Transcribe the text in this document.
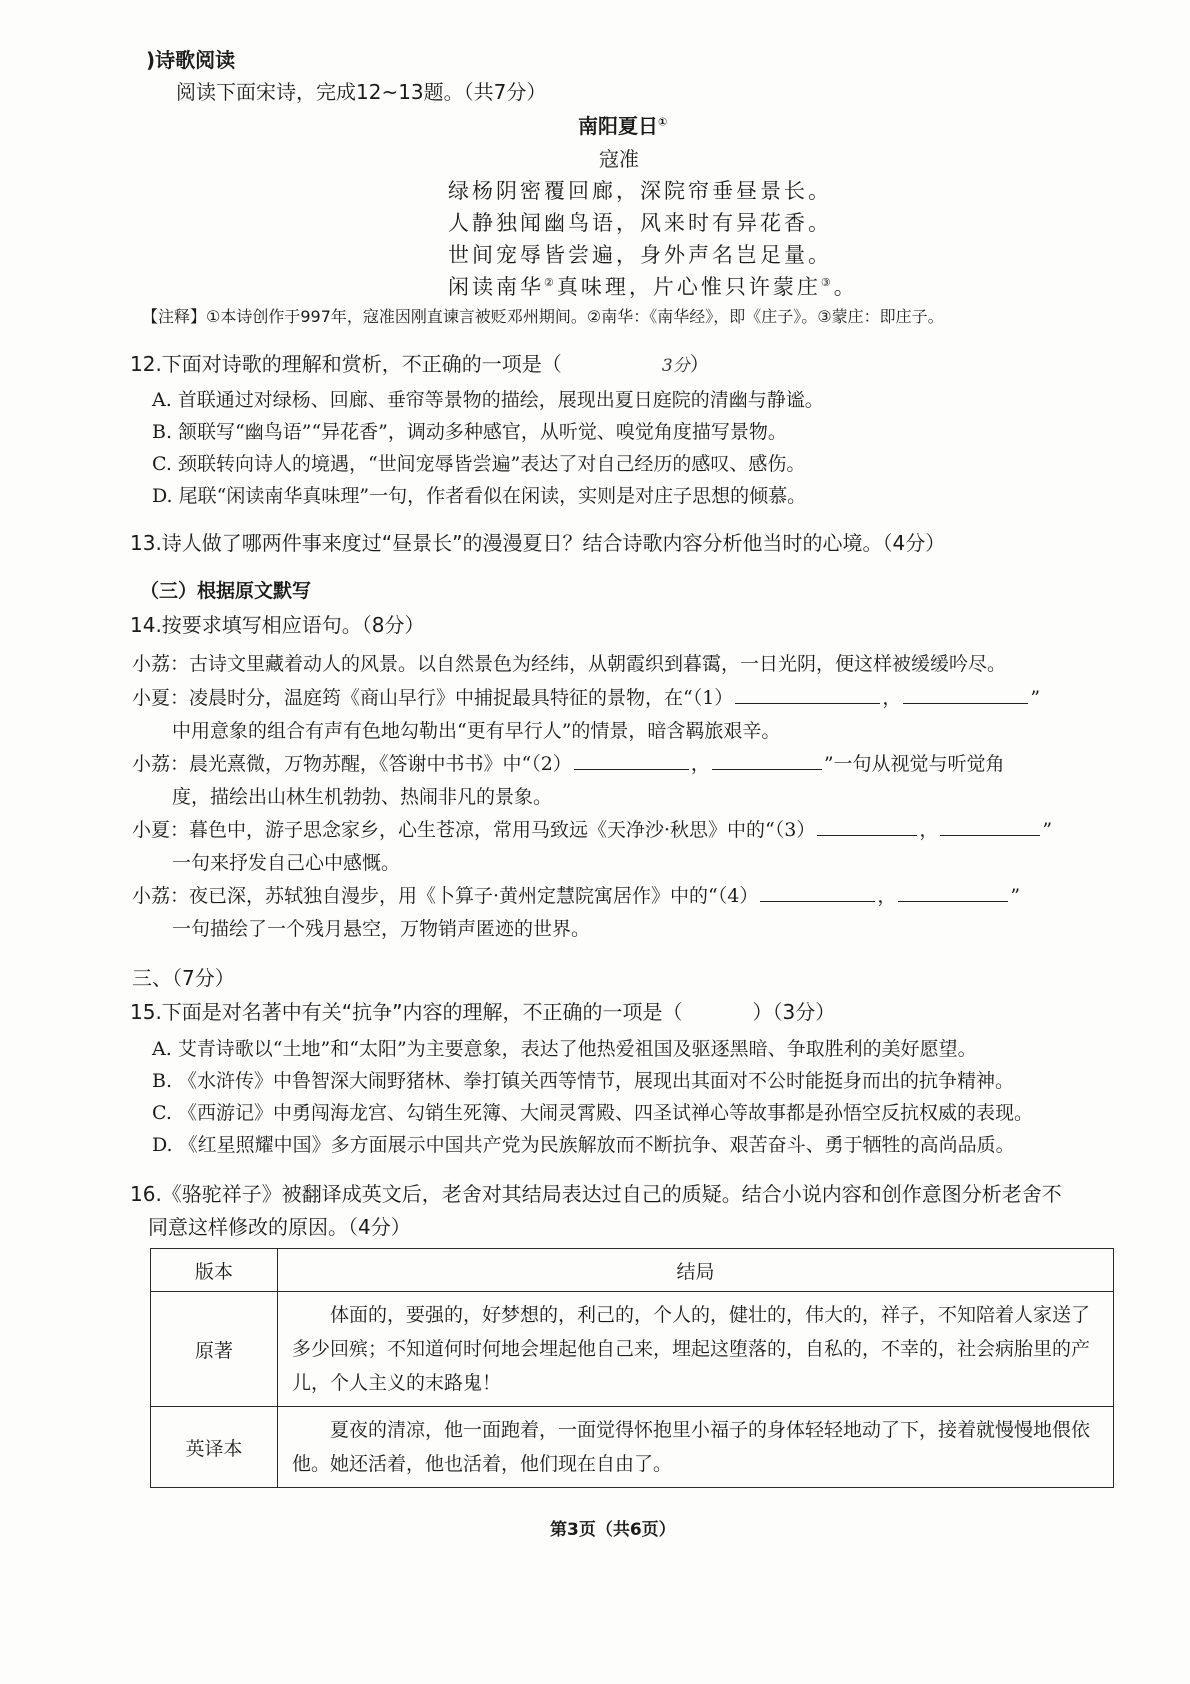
)诗歌阅读
阅读下面宋诗，完成12~13题。（共7分）
南阳夏日①
寇准
绿杨阴密覆回廊，深院帘垂昼景长。
人静独闻幽鸟语，风来时有异花香。
世间宠辱皆尝遍，身外声名岂足量。
闲读南华②真味理，片心惟只许蒙庄③。
【注释】①本诗创作于997年，寇准因刚直谏言被贬邓州期间。②南华：《南华经》，即《庄子》。③蒙庄：即庄子。
12.下面对诗歌的理解和赏析，不正确的一项是（	3分）
A. 首联通过对绿杨、回廊、垂帘等景物的描绘，展现出夏日庭院的清幽与静谧。
B. 颔联写“幽鸟语”“异花香”，调动多种感官，从听觉、嗅觉角度描写景物。
C. 颈联转向诗人的境遇，“世间宠辱皆尝遍”表达了对自己经历的感叹、感伤。
D. 尾联“闲读南华真味理”一句，作者看似在闲读，实则是对庄子思想的倾慕。
13.诗人做了哪两件事来度过“昼景长”的漫漫夏日？结合诗歌内容分析他当时的心境。（4分）
（三）根据原文默写
14.按要求填写相应语句。（8分）
小荔：古诗文里藏着动人的风景。以自然景色为经纬，从朝霞织到暮霭，一日光阴，便这样被缓缓吟尽。
小夏：凌晨时分，温庭筠《商山早行》中捕捉最具特征的景物，在“（1）	，	”
中用意象的组合有声有色地勾勒出“更有早行人”的情景，暗含羁旅艰辛。
小荔：晨光熹微，万物苏醒，《答谢中书书》中“（2）	，	”一句从视觉与听觉角
度，描绘出山林生机勃勃、热闹非凡的景象。
小夏：暮色中，游子思念家乡，心生苍凉，常用马致远《天净沙·秋思》中的“（3）	，	”
一句来抒发自己心中感慨。
小荔：夜已深，苏轼独自漫步，用《卜算子·黄州定慧院寓居作》中的“（4）	，	”
一句描绘了一个残月悬空，万物销声匿迹的世界。
三、（7分）
15.下面是对名著中有关“抗争”内容的理解，不正确的一项是（	）（3分）
A. 艾青诗歌以“土地”和“太阳”为主要意象，表达了他热爱祖国及驱逐黑暗、争取胜利的美好愿望。
B. 《水浒传》中鲁智深大闹野猪林、拳打镇关西等情节，展现出其面对不公时能挺身而出的抗争精神。
C. 《西游记》中勇闯海龙宫、勾销生死簿、大闹灵霄殿、四圣试禅心等故事都是孙悟空反抗权威的表现。
D. 《红星照耀中国》多方面展示中国共产党为民族解放而不断抗争、艰苦奋斗、勇于牺牲的高尚品质。
16.《骆驼祥子》被翻译成英文后，老舍对其结局表达过自己的质疑。结合小说内容和创作意图分析老舍不
同意这样修改的原因。（4分）
版本	结局
原著	　　体面的，要强的，好梦想的，利己的，个人的，健壮的，伟大的，祥子，不知陪着人家送了多少回殡；不知道何时何地会埋起他自己来，埋起这堕落的，自私的，不幸的，社会病胎里的产儿，个人主义的末路鬼！
英译本	　　夏夜的清凉，他一面跑着，一面觉得怀抱里小福子的身体轻轻地动了下，接着就慢慢地偎依他。她还活着，他也活着，他们现在自由了。
第3页（共6页）
